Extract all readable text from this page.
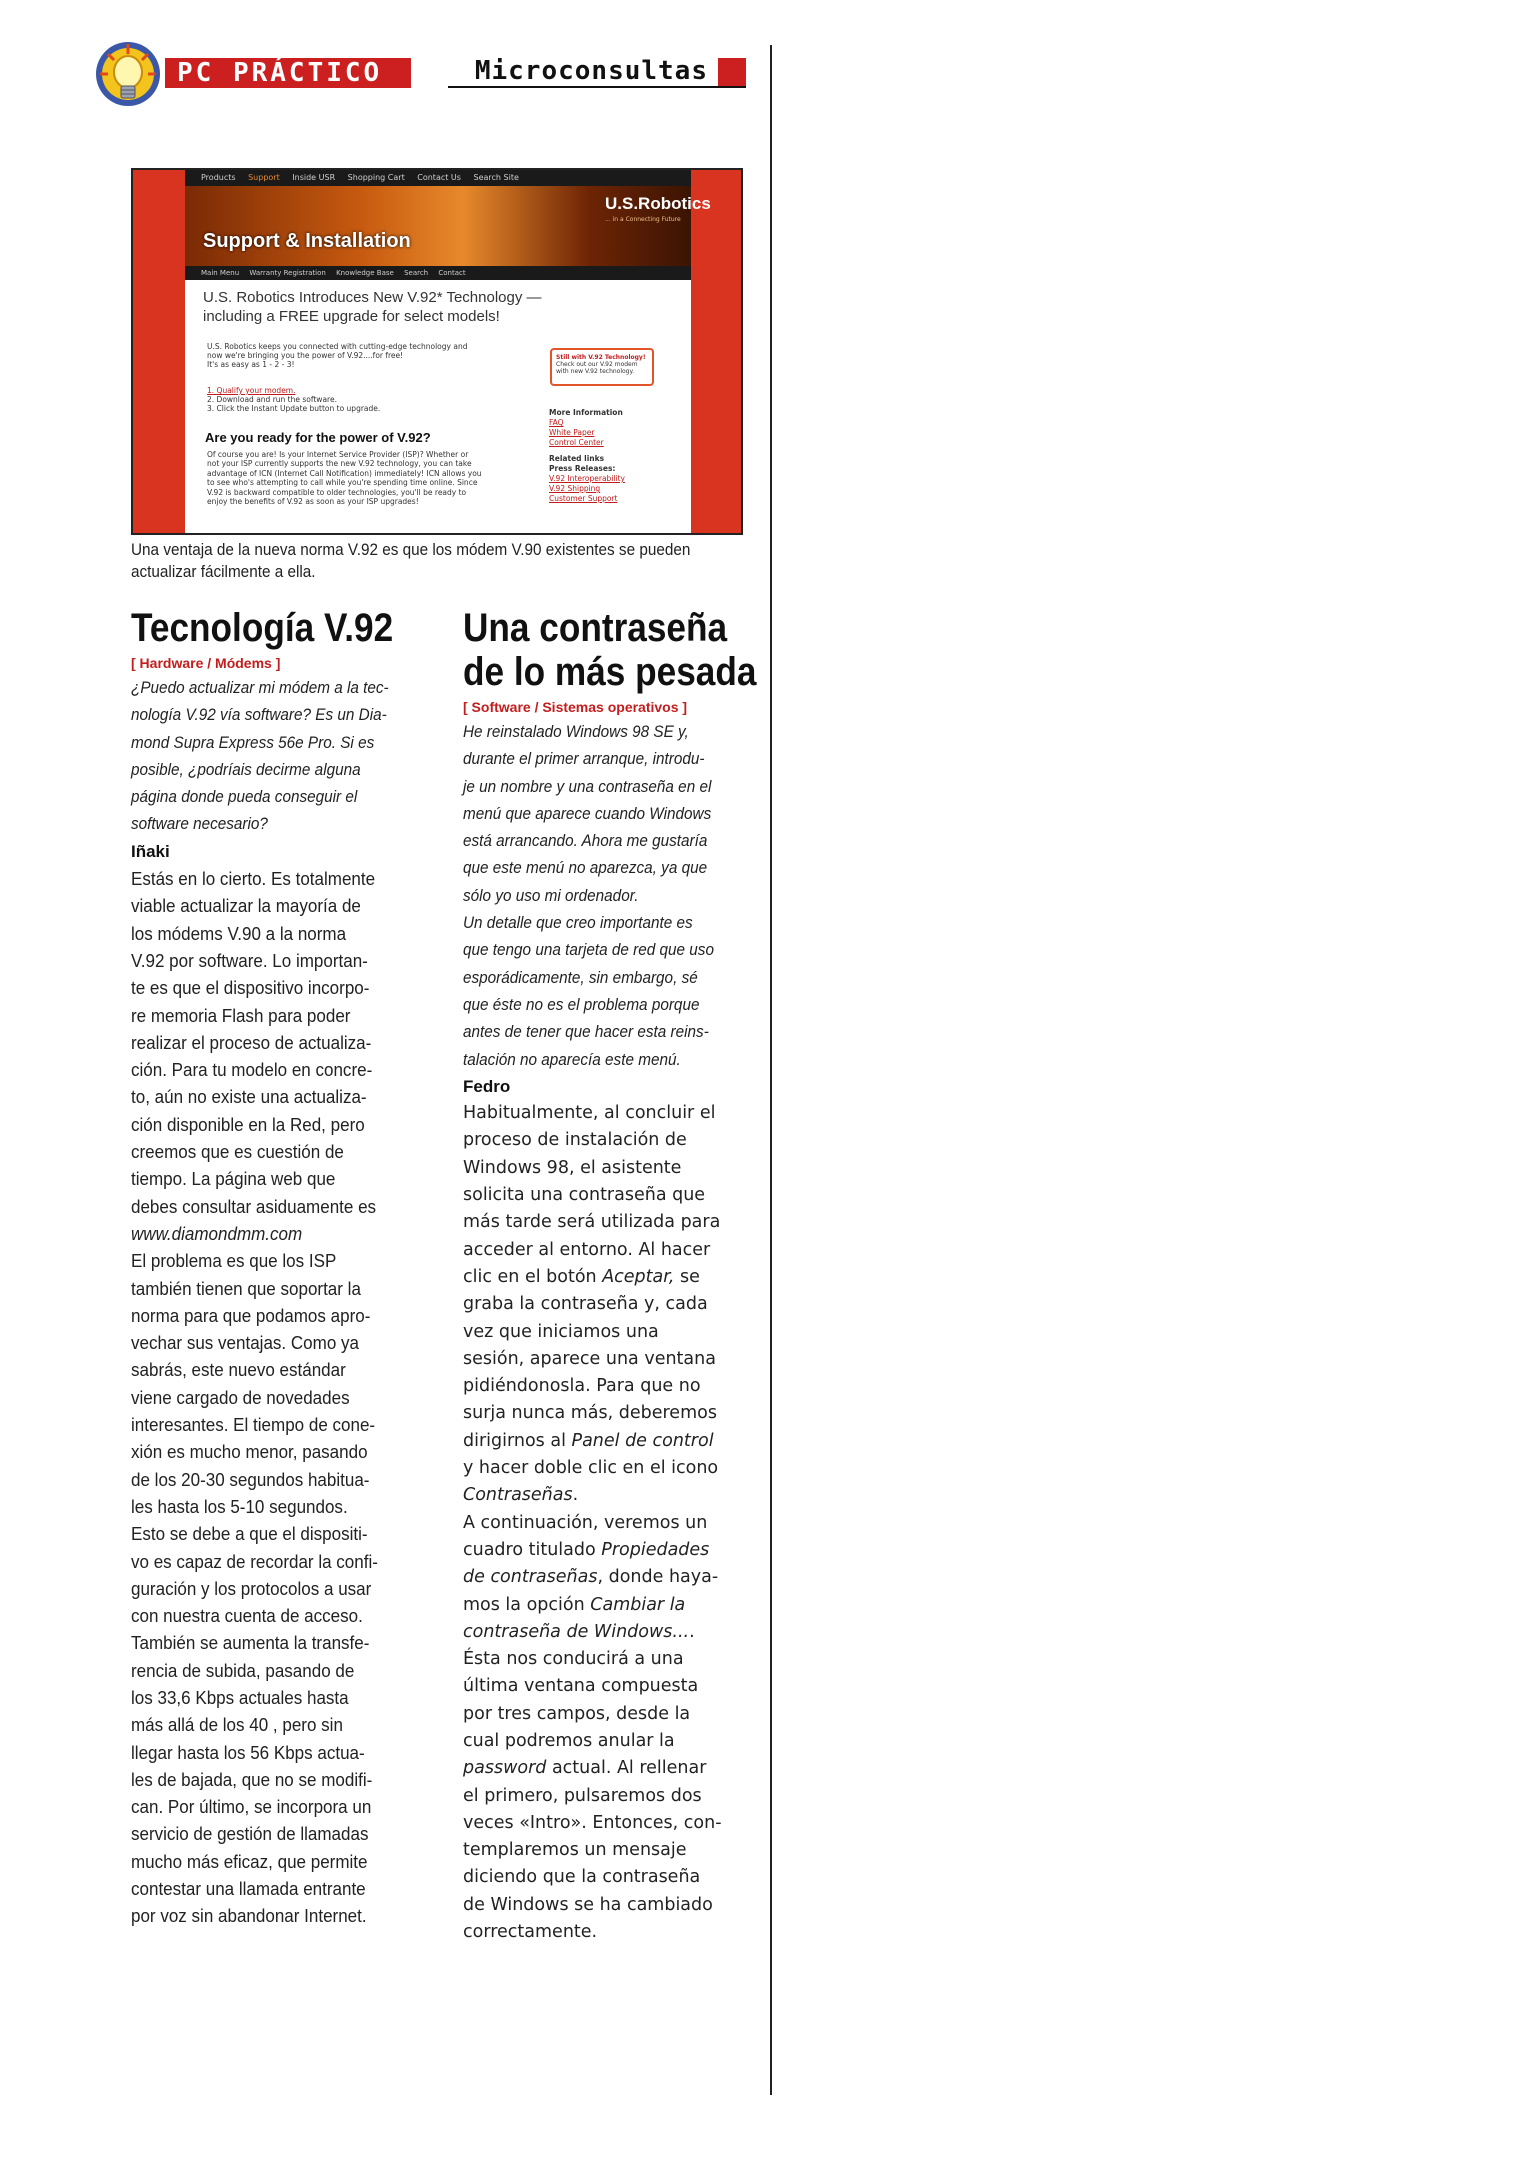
PC PRÁCTICO	Microconsultas
Products Support Inside USR Shopping Cart Contact Us Search Site
U.S.Robotics
... in a Connecting Future
Support & Installation
Main Menu Warranty Registration Knowledge Base Search Contact
U.S. Robotics Introduces New V.92* Technology —
including a FREE upgrade for select models!
U.S. Robotics keeps you connected with cutting-edge technology and
now we're bringing you the power of V.92....for free!
It's as easy as 1 - 2 - 3!
1. Qualify your modem.
2. Download and run the software.
3. Click the Instant Update button to upgrade.
Are you ready for the power of V.92?
Of course you are! Is your Internet Service Provider (ISP)? Whether or
not your ISP currently supports the new V.92 technology, you can take
advantage of ICN (Internet Call Notification) immediately! ICN allows you
to see who's attempting to call while you're spending time online. Since
V.92 is backward compatible to older technologies, you'll be ready to
enjoy the benefits of V.92 as soon as your ISP upgrades!
Still with V.92 Technology!
Check out our V.92 modem
with new V.92 technology.
More Information
FAQ
White Paper
Control Center
Related links
Press Releases:
V.92 Interoperability
V.92 Shipping
Customer Support
Una ventaja de la nueva norma V.92 es que los módem V.90 existentes se pueden
actualizar fácilmente a ella.
Tecnología V.92
[ Hardware / Módems ]
¿Puedo actualizar mi módem a la tec-
nología V.92 vía software? Es un Dia-
mond Supra Express 56e Pro. Si es
posible, ¿podríais decirme alguna
página donde pueda conseguir el
software necesario?
Iñaki
Estás en lo cierto. Es totalmente
viable actualizar la mayoría de
los módems V.90 a la norma
V.92 por software. Lo importan-
te es que el dispositivo incorpo-
re memoria Flash para poder
realizar el proceso de actualiza-
ción. Para tu modelo en concre-
to, aún no existe una actualiza-
ción disponible en la Red, pero
creemos que es cuestión de
tiempo. La página web que
debes consultar asiduamente es
www.diamondmm.com
El problema es que los ISP
también tienen que soportar la
norma para que podamos apro-
vechar sus ventajas. Como ya
sabrás, este nuevo estándar
viene cargado de novedades
interesantes. El tiempo de cone-
xión es mucho menor, pasando
de los 20-30 segundos habitua-
les hasta los 5-10 segundos.
Esto se debe a que el dispositi-
vo es capaz de recordar la confi-
guración y los protocolos a usar
con nuestra cuenta de acceso.
También se aumenta la transfe-
rencia de subida, pasando de
los 33,6 Kbps actuales hasta
más allá de los 40 , pero sin
llegar hasta los 56 Kbps actua-
les de bajada, que no se modifi-
can. Por último, se incorpora un
servicio de gestión de llamadas
mucho más eficaz, que permite
contestar una llamada entrante
por voz sin abandonar Internet.
Una contraseña
de lo más pesada
[ Software / Sistemas operativos ]
He reinstalado Windows 98 SE y,
durante el primer arranque, introdu-
je un nombre y una contraseña en el
menú que aparece cuando Windows
está arrancando. Ahora me gustaría
que este menú no aparezca, ya que
sólo yo uso mi ordenador.
Un detalle que creo importante es
que tengo una tarjeta de red que uso
esporádicamente, sin embargo, sé
que éste no es el problema porque
antes de tener que hacer esta reins-
talación no aparecía este menú.
Fedro
Habitualmente, al concluir el
proceso de instalación de
Windows 98, el asistente
solicita una contraseña que
más tarde será utilizada para
acceder al entorno. Al hacer
clic en el botón Aceptar, se
graba la contraseña y, cada
vez que iniciamos una
sesión, aparece una ventana
pidiéndonosla. Para que no
surja nunca más, deberemos
dirigirnos al Panel de control
y hacer doble clic en el icono
Contraseñas.
A continuación, veremos un
cuadro titulado Propiedades
de contraseñas, donde haya-
mos la opción Cambiar la
contraseña de Windows....
Ésta nos conducirá a una
última ventana compuesta
por tres campos, desde la
cual podremos anular la
password actual. Al rellenar
el primero, pulsaremos dos
veces «Intro». Entonces, con-
templaremos un mensaje
diciendo que la contraseña
de Windows se ha cambiado
correctamente.
